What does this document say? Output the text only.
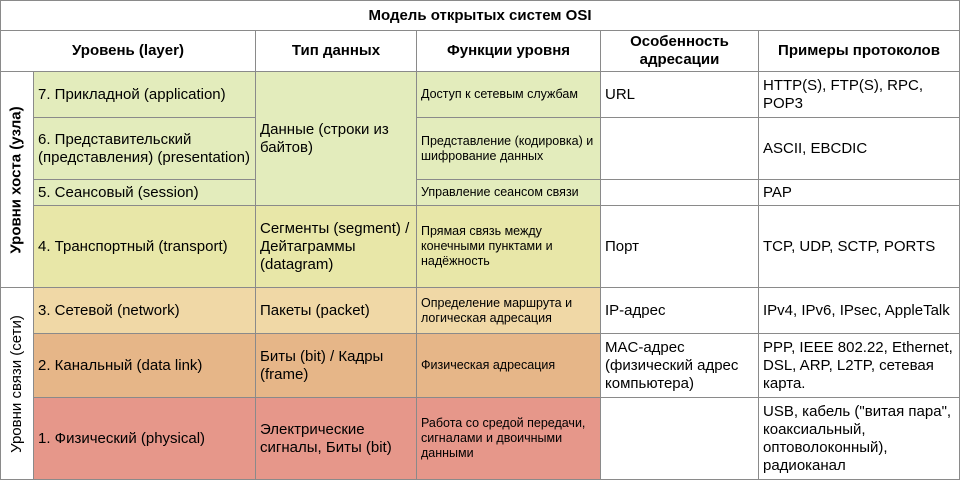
Модель открытых систем OSI
Уровень (layer)	Тип данных	Функции уровня
Особенность адресации
Примеры протоколов
Уровни хоста (узла)
Уровни связи (сети)
7. Прикладной (application)
6. Представительский (представления) (presentation)
5. Сеансовый (session)
4. Транспортный (transport)
3. Сетевой (network)
2. Канальный (data link)
1. Физический (physical)
Данные (строки из байтов)
Сегменты (segment) / Дейтаграммы (datagram)
Пакеты (packet)
Биты (bit) / Кадры (frame)
Электрические сигналы, Биты (bit)
Доступ к сетевым службам
Представление (кодировка) и шифрование данных
Управление сеансом связи
Прямая связь между конечными пунктами и надёжность
Определение маршрута и логическая адресация
Физическая адресация
Работа со средой передачи, сигналами и двоичными данными
URL
Порт
IP-адрес
MAC-адрес (физический адрес компьютера)
HTTP(S), FTP(S), RPC, POP3
ASCII, EBCDIC
PAP
TCP, UDP, SCTP, PORTS
IPv4, IPv6, IPsec, AppleTalk
PPP, IEEE 802.22, Ethernet, DSL, ARP, L2TP, сетевая карта.
USB, кабель ("витая пара", коаксиальный, оптоволоконный), радиоканал
